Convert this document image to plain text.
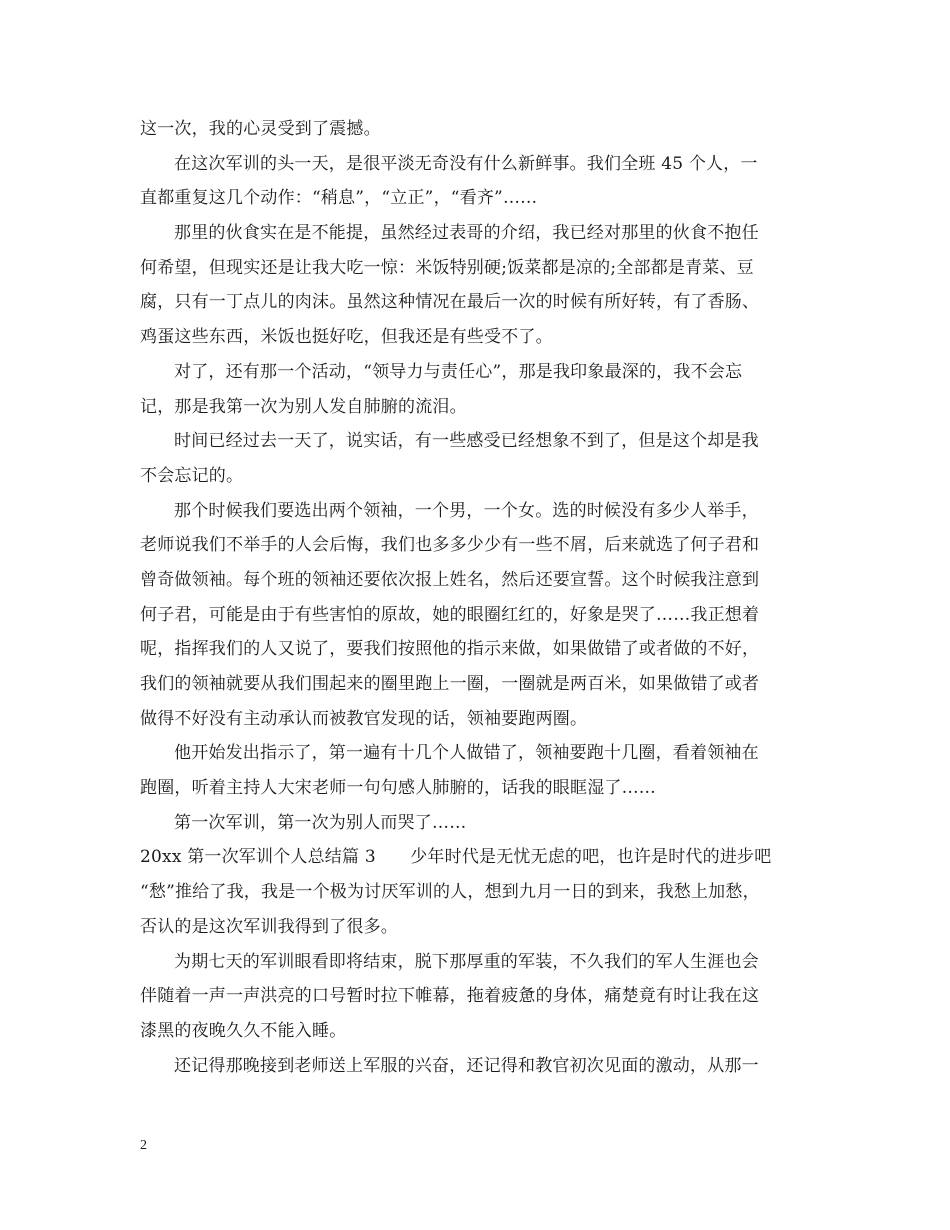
这一次，我的心灵受到了震撼。
在这次军训的头一天，是很平淡无奇没有什么新鲜事。我们全班 45 个人，一
直都重复这几个动作：“稍息”，“立正”，“看齐”……
那里的伙食实在是不能提，虽然经过表哥的介绍，我已经对那里的伙食不抱任
何希望，但现实还是让我大吃一惊：米饭特别硬;饭菜都是凉的;全部都是青菜、豆
腐，只有一丁点儿的肉沫。虽然这种情况在最后一次的时候有所好转，有了香肠、
鸡蛋这些东西，米饭也挺好吃，但我还是有些受不了。
对了，还有那一个活动，“领导力与责任心”，那是我印象最深的，我不会忘
记，那是我第一次为别人发自肺腑的流泪。
时间已经过去一天了，说实话，有一些感受已经想象不到了，但是这个却是我
不会忘记的。
那个时候我们要选出两个领袖，一个男，一个女。选的时候没有多少人举手，
老师说我们不举手的人会后悔，我们也多多少少有一些不屑，后来就选了何子君和
曾奇做领袖。每个班的领袖还要依次报上姓名，然后还要宣誓。这个时候我注意到
何子君，可能是由于有些害怕的原故，她的眼圈红红的，好象是哭了……我正想着
呢，指挥我们的人又说了，要我们按照他的指示来做，如果做错了或者做的不好，
我们的领袖就要从我们围起来的圈里跑上一圈，一圈就是两百米，如果做错了或者
做得不好没有主动承认而被教官发现的话，领袖要跑两圈。
他开始发出指示了，第一遍有十几个人做错了，领袖要跑十几圈，看着领袖在
跑圈，听着主持人大宋老师一句句感人肺腑的，话我的眼眶湿了……
第一次军训，第一次为别人而哭了……
20xx 第一次军训个人总结篇 3　　少年时代是无忧无虑的吧，也许是时代的进步吧
“愁”推给了我，我是一个极为讨厌军训的人，想到九月一日的到来，我愁上加愁，
否认的是这次军训我得到了很多。
为期七天的军训眼看即将结束，脱下那厚重的军装，不久我们的军人生涯也会
伴随着一声一声洪亮的口号暂时拉下帷幕，拖着疲惫的身体，痛楚竟有时让我在这
漆黑的夜晚久久不能入睡。
还记得那晚接到老师送上军服的兴奋，还记得和教官初次见面的激动，从那一
2
